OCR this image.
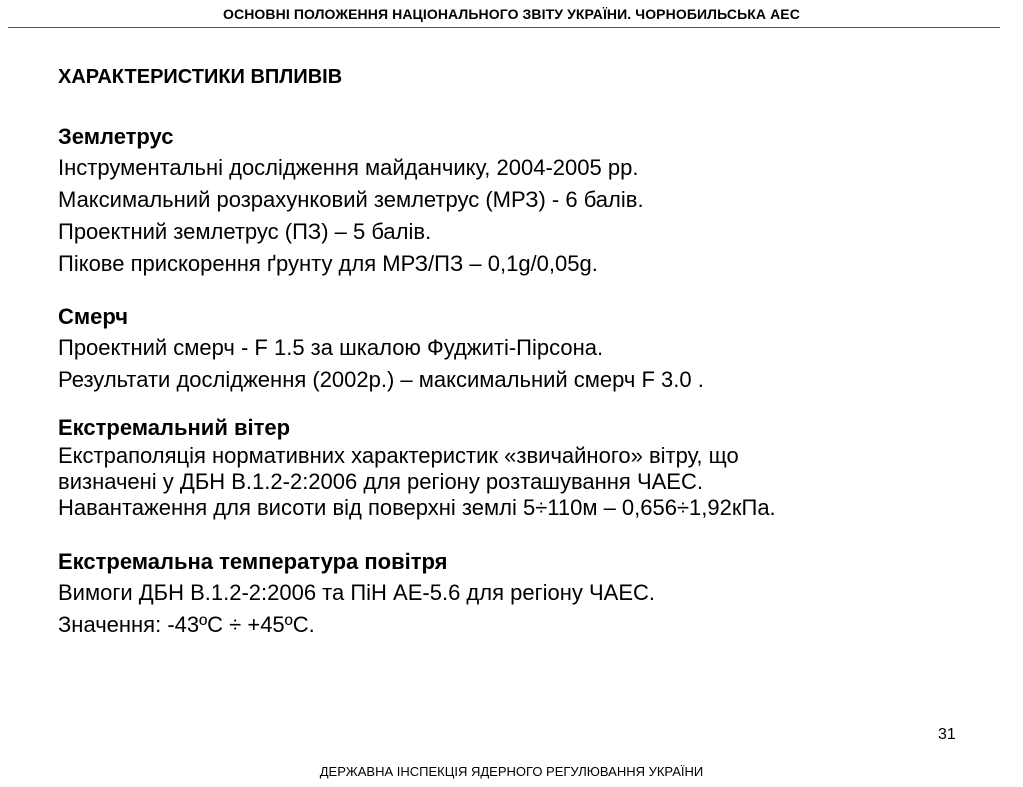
ОСНОВНІ ПОЛОЖЕННЯ НАЦІОНАЛЬНОГО ЗВІТУ УКРАЇНИ. ЧОРНОБИЛЬСЬКА АЕС
ХАРАКТЕРИСТИКИ ВПЛИВІВ
Землетрус
Інструментальні дослідження майданчику, 2004-2005 рр.
Максимальний розрахунковий землетрус (МРЗ) - 6 балів.
Проектний землетрус (ПЗ) – 5 балів.
Пікове прискорення ґрунту для МРЗ/ПЗ – 0,1g/0,05g.
Смерч
Проектний смерч - F 1.5 за шкалою Фуджиті-Пірсона.
Результати дослідження (2002р.) – максимальний смерч F 3.0 .
Екстремальний вітер
Екстраполяція нормативних характеристик «звичайного» вітру, що
визначені у ДБН В.1.2-2:2006 для регіону розташування ЧАЕС.
Навантаження для висоти від поверхні землі 5÷110м – 0,656÷1,92кПа.
Екстремальна температура повітря
Вимоги ДБН В.1.2-2:2006 та ПіН АЕ-5.6 для регіону ЧАЕС.
Значення: -43ºС ÷ +45ºС.
31
ДЕРЖАВНА ІНСПЕКЦІЯ ЯДЕРНОГО РЕГУЛЮВАННЯ УКРАЇНИ
